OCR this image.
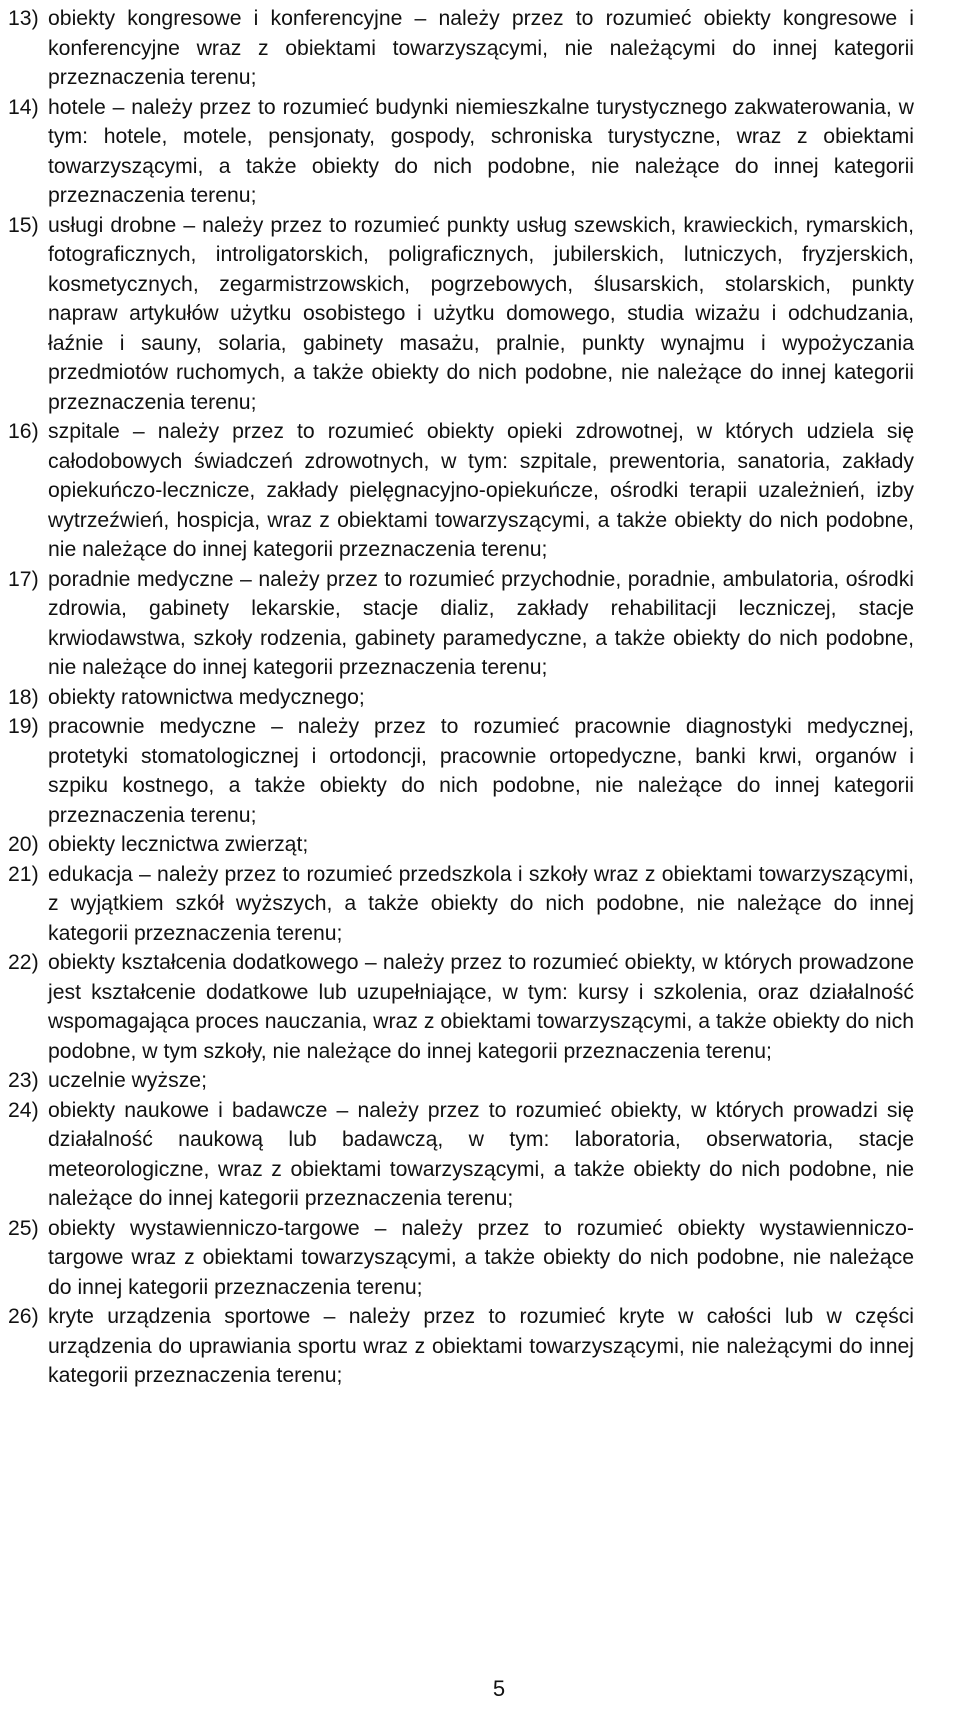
13) obiekty kongresowe i konferencyjne – należy przez to rozumieć obiekty kongresowe i konferencyjne wraz z obiektami towarzyszącymi, nie należącymi do innej kategorii przeznaczenia terenu;
14) hotele – należy przez to rozumieć budynki niemieszkalne turystycznego zakwaterowania, w tym: hotele, motele, pensjonaty, gospody, schroniska turystyczne, wraz z obiektami towarzyszącymi, a także obiekty do nich podobne, nie należące do innej kategorii przeznaczenia terenu;
15) usługi drobne – należy przez to rozumieć punkty usług szewskich, krawieckich, rymarskich, fotograficznych, introligatorskich, poligraficznych, jubilerskich, lutniczych, fryzjerskich, kosmetycznych, zegarmistrzowskich, pogrzebowych, ślusarskich, stolarskich, punkty napraw artykułów użytku osobistego i użytku domowego, studia wizażu i odchudzania, łaźnie i sauny, solaria, gabinety masażu, pralnie, punkty wynajmu i wypożyczania przedmiotów ruchomych, a także obiekty do nich podobne, nie należące do innej kategorii przeznaczenia terenu;
16) szpitale – należy przez to rozumieć obiekty opieki zdrowotnej, w których udziela się całodobowych świadczeń zdrowotnych, w tym: szpitale, prewentoria, sanatoria, zakłady opiekuńczo-lecznicze, zakłady pielęgnacyjno-opiekuńcze, ośrodki terapii uzależnień, izby wytrzeźwień, hospicja, wraz z obiektami towarzyszącymi, a także obiekty do nich podobne, nie należące do innej kategorii przeznaczenia terenu;
17) poradnie medyczne – należy przez to rozumieć przychodnie, poradnie, ambulatoria, ośrodki zdrowia, gabinety lekarskie, stacje dializ, zakłady rehabilitacji leczniczej, stacje krwiodawstwa, szkoły rodzenia, gabinety paramedyczne, a także obiekty do nich podobne, nie należące do innej kategorii przeznaczenia terenu;
18) obiekty ratownictwa medycznego;
19) pracownie medyczne – należy przez to rozumieć pracownie diagnostyki medycznej, protetyki stomatologicznej i ortodoncji, pracownie ortopedyczne, banki krwi, organów i szpiku kostnego, a także obiekty do nich podobne, nie należące do innej kategorii przeznaczenia terenu;
20) obiekty lecznictwa zwierząt;
21) edukacja – należy przez to rozumieć przedszkola i szkoły wraz z obiektami towarzyszącymi, z wyjątkiem szkół wyższych, a także obiekty do nich podobne, nie należące do innej kategorii przeznaczenia terenu;
22) obiekty kształcenia dodatkowego – należy przez to rozumieć obiekty, w których prowadzone jest kształcenie dodatkowe lub uzupełniające, w tym: kursy i szkolenia, oraz działalność wspomagająca proces nauczania, wraz z obiektami towarzyszącymi, a także obiekty do nich podobne, w tym szkoły, nie należące do innej kategorii przeznaczenia terenu;
23) uczelnie wyższe;
24) obiekty naukowe i badawcze – należy przez to rozumieć obiekty, w których prowadzi się działalność naukową lub badawczą, w tym: laboratoria, obserwatoria, stacje meteorologiczne, wraz z obiektami towarzyszącymi, a także obiekty do nich podobne, nie należące do innej kategorii przeznaczenia terenu;
25) obiekty wystawienniczo-targowe – należy przez to rozumieć obiekty wystawienniczo-targowe wraz z obiektami towarzyszącymi, a także obiekty do nich podobne, nie należące do innej kategorii przeznaczenia terenu;
26) kryte urządzenia sportowe – należy przez to rozumieć kryte w całości lub w części urządzenia do uprawiania sportu wraz z obiektami towarzyszącymi, nie należącymi do innej kategorii przeznaczenia terenu;
5
